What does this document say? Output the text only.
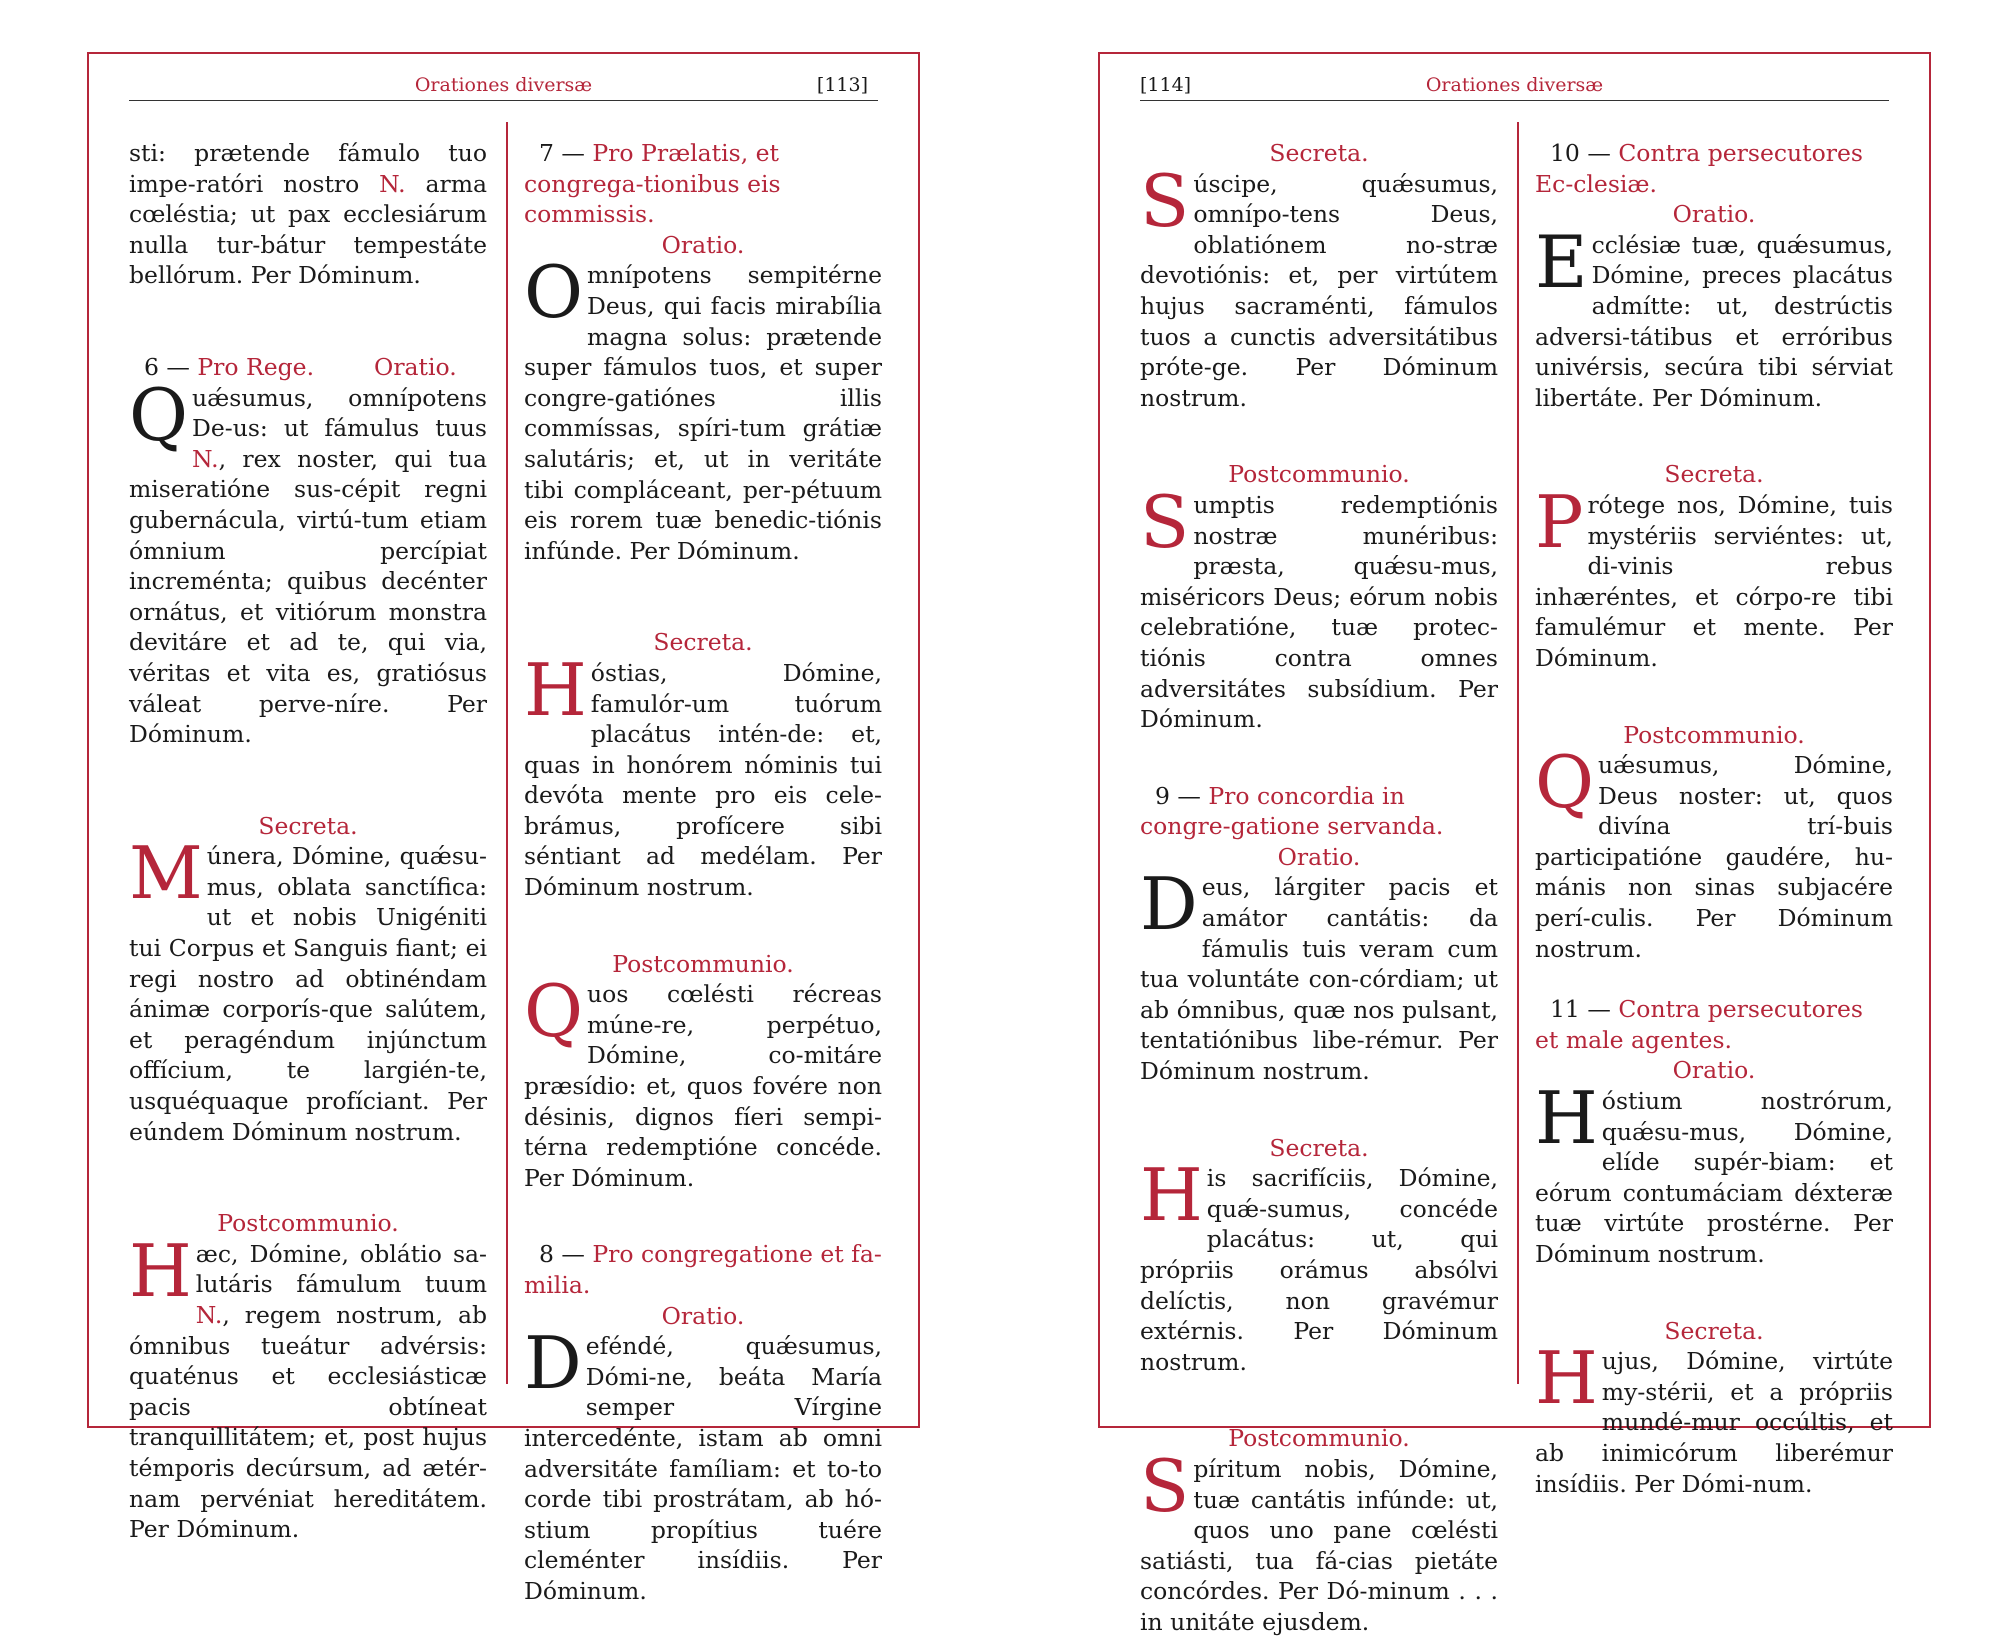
Orationes diversæ	[113]
sti: prætende fámulo tuo impe-ratóri nostro N. arma cœléstia; ut pax ecclesiárum nulla tur-bátur tempestáte bellórum. Per Dóminum.
6 — Pro Rege.	Oratio.
Quǽsumus, omnípotens De-us: ut fámulus tuus N., rex noster, qui tua miseratióne sus-cépit regni gubernácula, virtú-tum etiam ómnium percípiat increménta; quibus decénter ornátus, et vitiórum monstra devitáre et ad te, qui via, véritas et vita es, gratiósus váleat perve-níre. Per Dóminum.
Secreta.
Múnera, Dómine, quǽsu-mus, oblata sanctífica: ut et nobis Unigéniti tui Corpus et Sanguis fiant; ei regi nostro ad obtinéndam ánimæ corporís-que salútem, et peragéndum injúnctum offícium, te largién-te, usquéquaque profíciant. Per eúndem Dóminum nostrum.
Postcommunio.
Hæc, Dómine, oblátio sa-lutáris fámulum tuum N., regem nostrum, ab ómnibus tueátur advérsis: quaténus et ecclesiásticæ pacis obtíneat tranquillitátem; et, post hujus témporis decúrsum, ad ætér-nam pervéniat hereditátem. Per Dóminum.
7 — Pro Prælatis, et congrega-tionibus eis commissis.
Oratio.
Omnípotens sempitérne Deus, qui facis mirabília magna solus: prætende super fámulos tuos, et super congre-gatiónes illis commíssas, spíri-tum grátiæ salutáris; et, ut in veritáte tibi compláceant, per-pétuum eis rorem tuæ benedic-tiónis infúnde. Per Dóminum.
Secreta.
Hóstias, Dómine, famulór-um tuórum placátus intén-de: et, quas in honórem nóminis tui devóta mente pro eis cele-brámus, profícere sibi séntiant ad medélam. Per Dóminum nostrum.
Postcommunio.
Quos cœlésti récreas múne-re, perpétuo, Dómine, co-mitáre præsídio: et, quos fovére non désinis, dignos fíeri sempi-térna redemptióne concéde. Per Dóminum.
8 — Pro congregatione et fa-milia.
Oratio.
Deféndé, quǽsumus, Dómi-ne, beáta María semper Vírgine intercedénte, istam ab omni adversitáte famíliam: et to-to corde tibi prostrátam, ab hó-stium propítius tuére cleménter insídiis. Per Dóminum.
[114]	Orationes diversæ
Secreta.
Súscipe, quǽsumus, omnípo-tens Deus, oblatiónem no-stræ devotiónis: et, per virtútem hujus sacraménti, fámulos tuos a cunctis adversitátibus próte-ge. Per Dóminum nostrum.
Postcommunio.
Sumptis redemptiónis nostræ munéribus: præsta, quǽsu-mus, miséricors Deus; eórum nobis celebratióne, tuæ protec-tiónis contra omnes adversitátes subsídium. Per Dóminum.
9 — Pro concordia in congre-gatione servanda.
Oratio.
Deus, lárgiter pacis et amátor cantátis: da fámulis tuis veram cum tua voluntáte con-córdiam; ut ab ómnibus, quæ nos pulsant, tentatiónibus libe-rémur. Per Dóminum nostrum.
Secreta.
His sacrifíciis, Dómine, quǽ-sumus, concéde placátus: ut, qui própriis orámus absólvi delíctis, non gravémur extérnis. Per Dóminum nostrum.
Postcommunio.
Spíritum nobis, Dómine, tuæ cantátis infúnde: ut, quos uno pane cœlésti satiásti, tua fá-cias pietáte concórdes. Per Dó-minum . . . in unitáte ejusdem.
10 — Contra persecutores Ec-clesiæ.
Oratio.
Ecclésiæ tuæ, quǽsumus, Dómine, preces placátus admítte: ut, destrúctis adversi-tátibus et erróribus univérsis, secúra tibi sérviat libertáte. Per Dóminum.
Secreta.
Prótege nos, Dómine, tuis mystériis serviéntes: ut, di-vinis rebus inhæréntes, et córpo-re tibi famulémur et mente. Per Dóminum.
Postcommunio.
Quǽsumus, Dómine, Deus noster: ut, quos divína trí-buis participatióne gaudére, hu-mánis non sinas subjacére perí-culis. Per Dóminum nostrum.
11 — Contra persecutores et male agentes.
Oratio.
Hóstium nostrórum, quǽsu-mus, Dómine, elíde supér-biam: et eórum contumáciam déxteræ tuæ virtúte prostérne. Per Dóminum nostrum.
Secreta.
Hujus, Dómine, virtúte my-stérii, et a própriis mundé-mur occúltis, et ab inimicórum liberémur insídiis. Per Dómi-num.
